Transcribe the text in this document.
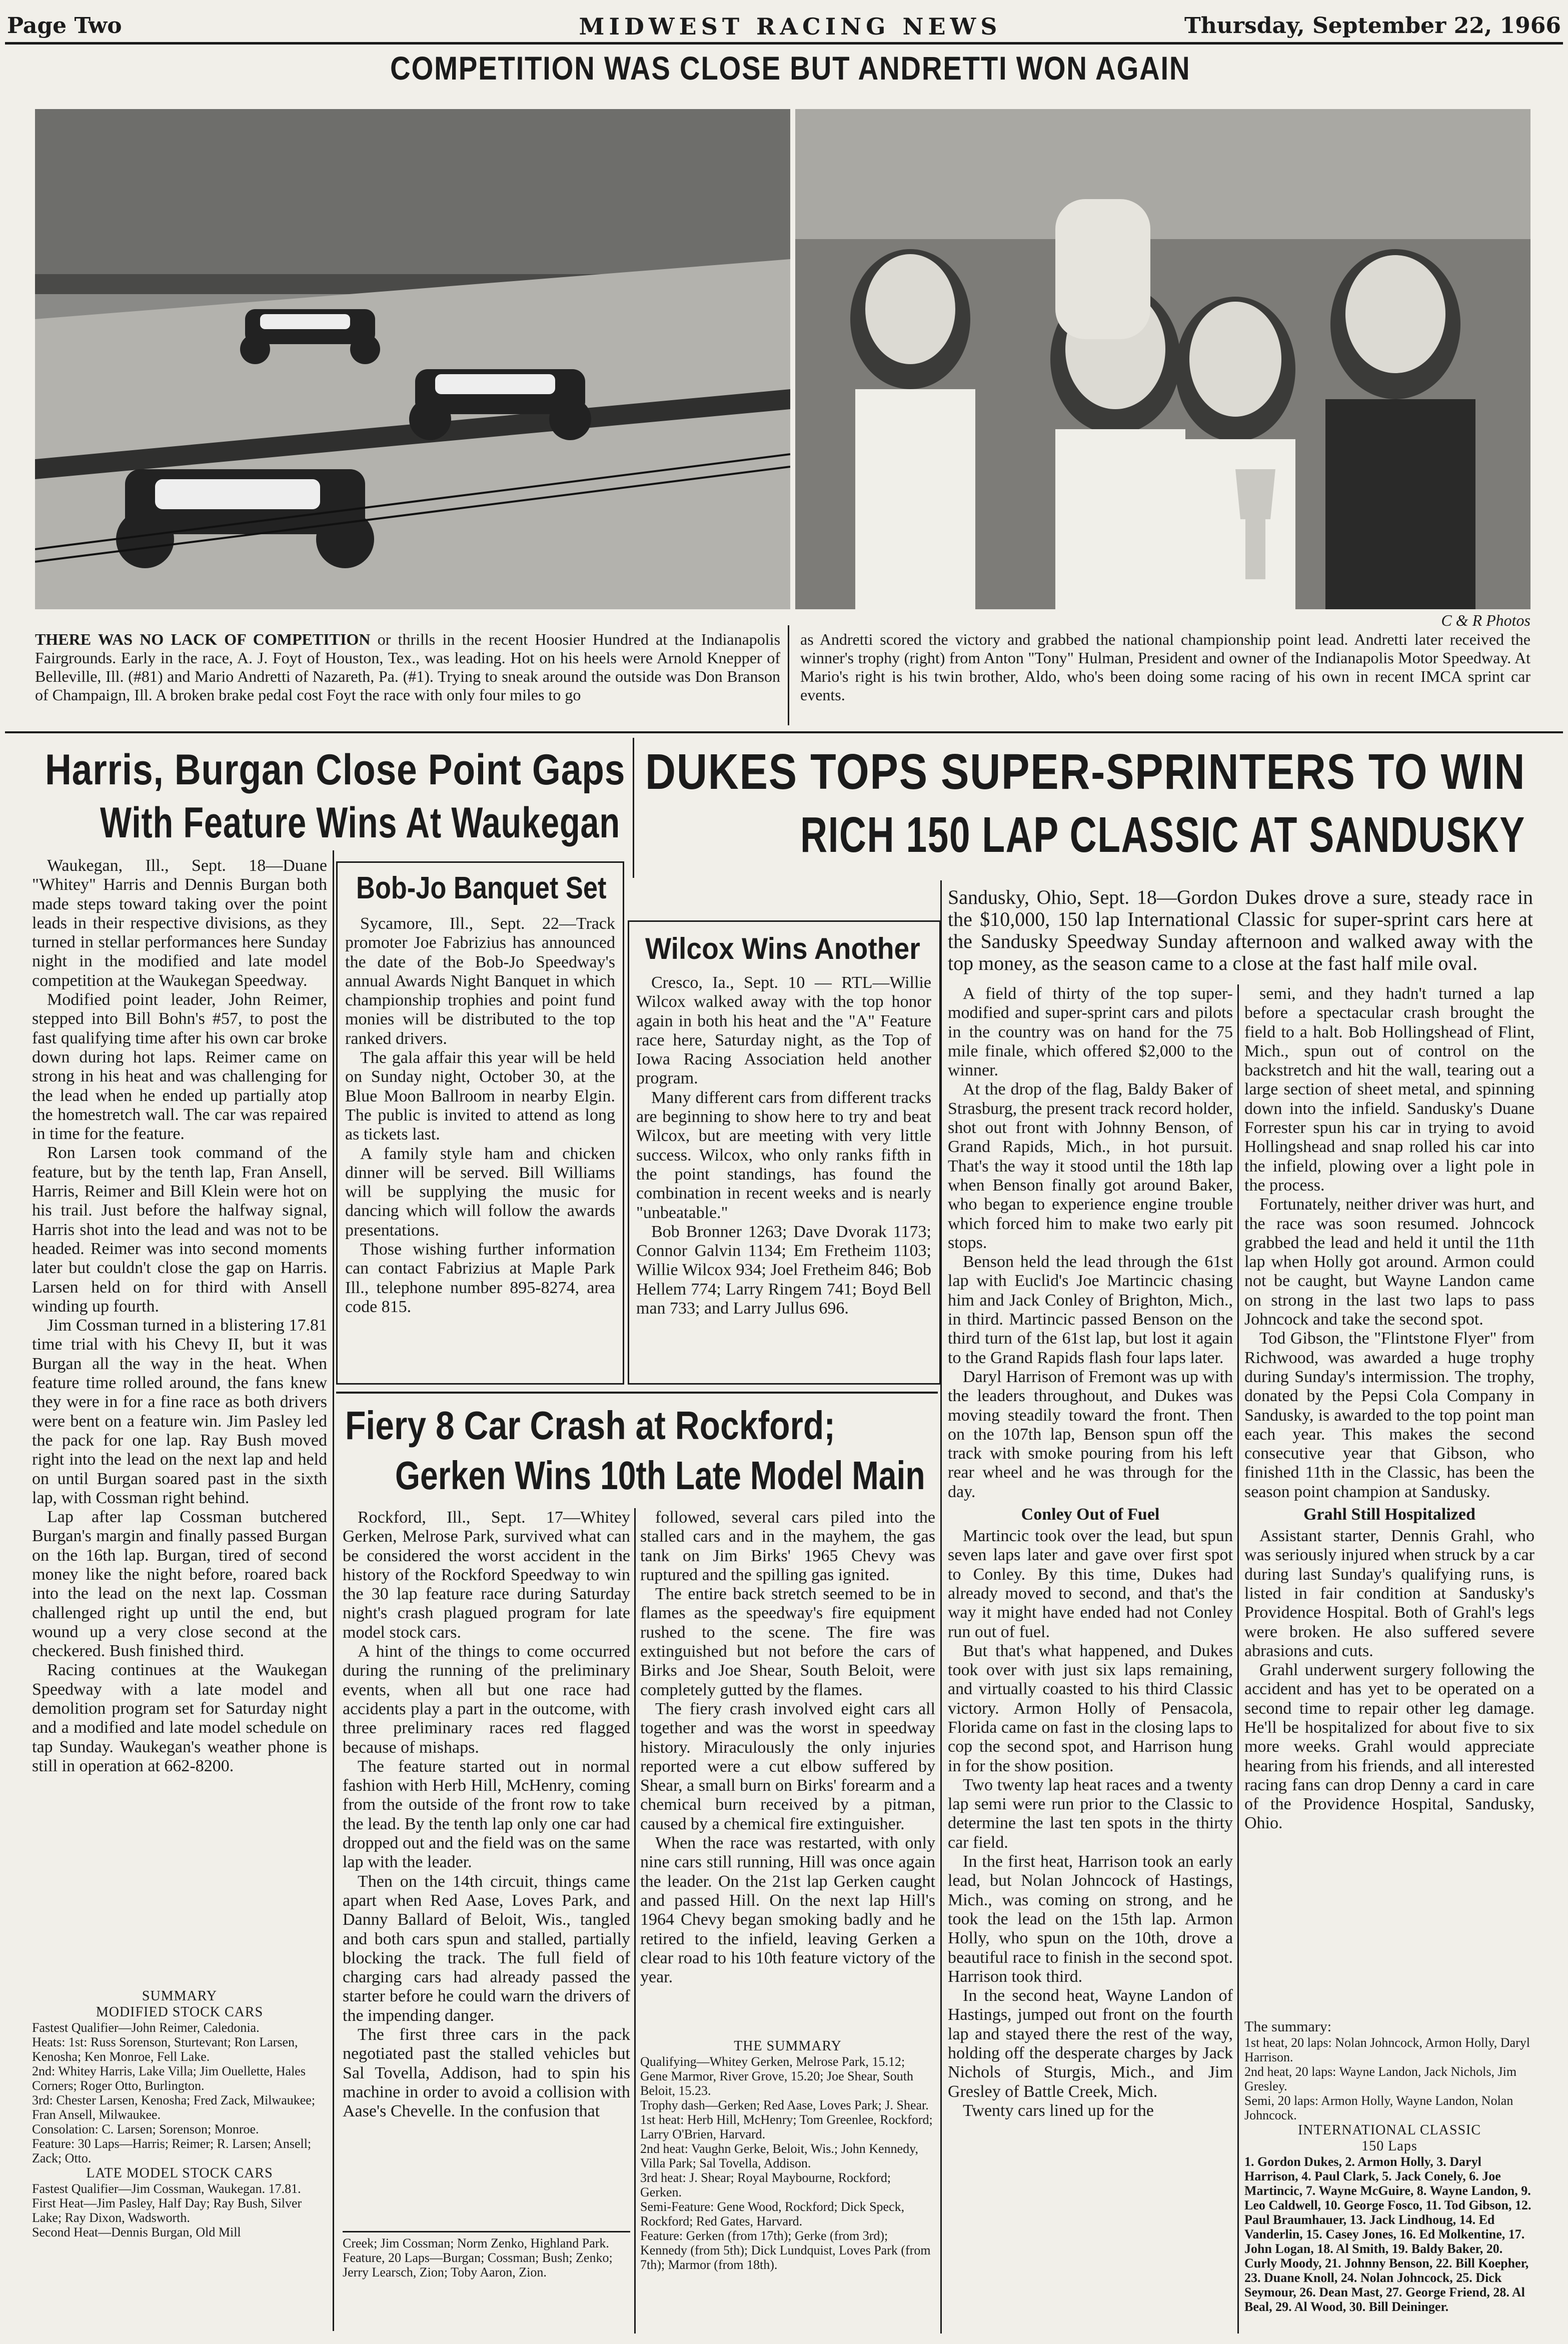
Page Two	MIDWEST RACING NEWS	Thursday, September 22, 1966
COMPETITION WAS CLOSE BUT ANDRETTI WON AGAIN
C & R Photos
THERE WAS NO LACK OF COMPETITION or thrills in the recent Hoosier Hundred at the Indianapolis Fairgrounds. Early in the race, A. J. Foyt of Houston, Tex., was leading. Hot on his heels were Arnold Knepper of Belleville, Ill. (#81) and Mario Andretti of Nazareth, Pa. (#1). Trying to sneak around the outside was Don Branson of Champaign, Ill. A broken brake pedal cost Foyt the race with only four miles to go
as Andretti scored the victory and grabbed the national championship point lead. Andretti later received the winner's trophy (right) from Anton "Tony" Hulman, President and owner of the Indianapolis Motor Speedway. At Mario's right is his twin brother, Aldo, who's been doing some racing of his own in recent IMCA sprint car events.
Harris, Burgan Close Point Gaps
With Feature Wins At Waukegan
DUKES TOPS SUPER-SPRINTERS TO WIN
RICH 150 LAP CLASSIC AT SANDUSKY

Waukegan, Ill., Sept. 18—Duane "Whitey" Harris and Dennis Burgan both made steps toward taking over the point leads in their respective divisions, as they turned in stellar performances here Sunday night in the modified and late model competition at the Waukegan Speedway.

Modified point leader, John Reimer, stepped into Bill Bohn's #57, to post the fast qualifying time after his own car broke down during hot laps. Reimer came on strong in his heat and was challenging for the lead when he ended up partially atop the homestretch wall. The car was repaired in time for the feature.

Ron Larsen took command of the feature, but by the tenth lap, Fran Ansell, Harris, Reimer and Bill Klein were hot on his trail. Just before the halfway signal, Harris shot into the lead and was not to be headed. Reimer was into second moments later but couldn't close the gap on Harris. Larsen held on for third with Ansell winding up fourth.

Jim Cossman turned in a blistering 17.81 time trial with his Chevy II, but it was Burgan all the way in the heat. When feature time rolled around, the fans knew they were in for a fine race as both drivers were bent on a feature win. Jim Pasley led the pack for one lap. Ray Bush moved right into the lead on the next lap and held on until Burgan soared past in the sixth lap, with Cossman right behind.

Lap after lap Cossman butchered Burgan's margin and finally passed Burgan on the 16th lap. Burgan, tired of second money like the night before, roared back into the lead on the next lap. Cossman challenged right up until the end, but wound up a very close second at the checkered. Bush finished third.

Racing continues at the Waukegan Speedway with a late model and demolition program set for Saturday night and a modified and late model schedule on tap Sunday. Waukegan's weather phone is still in operation at 662-8200.

SUMMARY
MODIFIED STOCK CARS

Fastest Qualifier—John Reimer, Caledonia.

Heats: 1st: Russ Sorenson, Sturtevant; Ron Larsen, Kenosha; Ken Monroe, Fell Lake.

2nd: Whitey Harris, Lake Villa; Jim Ouellette, Hales Corners; Roger Otto, Burlington.

3rd: Chester Larsen, Kenosha; Fred Zack, Milwaukee; Fran Ansell, Milwaukee.

Consolation: C. Larsen; Sorenson; Monroe.

Feature: 30 Laps—Harris; Reimer; R. Larsen; Ansell; Zack; Otto.

LATE MODEL STOCK CARS

Fastest Qualifier—Jim Cossman, Waukegan. 17.81.

First Heat—Jim Pasley, Half Day; Ray Bush, Silver Lake; Ray Dixon, Wadsworth.

Second Heat—Dennis Burgan, Old Mill

Bob-Jo Banquet Set

Sycamore, Ill., Sept. 22—Track promoter Joe Fabrizius has announced the date of the Bob-Jo Speedway's annual Awards Night Banquet in which championship trophies and point fund monies will be distributed to the top ranked drivers.

The gala affair this year will be held on Sunday night, October 30, at the Blue Moon Ballroom in nearby Elgin. The public is invited to attend as long as tickets last.

A family style ham and chicken dinner will be served. Bill Williams will be supplying the music for dancing which will follow the awards presentations.

Those wishing further information can contact Fabrizius at Maple Park Ill., telephone number 895-8274, area code 815.

Wilcox Wins Another

Cresco, Ia., Sept. 10 — RTL—Willie Wilcox walked away with the top honor again in both his heat and the "A" Feature race here, Saturday night, as the Top of Iowa Racing Association held another program.

Many different cars from different tracks are beginning to show here to try and beat Wilcox, but are meeting with very little success. Wilcox, who only ranks fifth in the point standings, has found the combination in recent weeks and is nearly "unbeatable."

Bob Bronner 1263; Dave Dvorak 1173; Connor Galvin 1134; Em Fretheim 1103; Willie Wilcox 934; Joel Fretheim 846; Bob Hellem 774; Larry Ringem 741; Boyd Bell man 733; and Larry Jullus 696.

Fiery 8 Car Crash at Rockford;
Gerken Wins 10th Late Model Main

Rockford, Ill., Sept. 17—Whitey Gerken, Melrose Park, survived what can be considered the worst accident in the history of the Rockford Speedway to win the 30 lap feature race during Saturday night's crash plagued program for late model stock cars.

A hint of the things to come occurred during the running of the preliminary events, when all but one race had accidents play a part in the outcome, with three preliminary races red flagged because of mishaps.

The feature started out in normal fashion with Herb Hill, McHenry, coming from the outside of the front row to take the lead. By the tenth lap only one car had dropped out and the field was on the same lap with the leader.

Then on the 14th circuit, things came apart when Red Aase, Loves Park, and Danny Ballard of Beloit, Wis., tangled and both cars spun and stalled, partially blocking the track. The full field of charging cars had already passed the starter before he could warn the drivers of the impending danger.

The first three cars in the pack negotiated past the stalled vehicles but Sal Tovella, Addison, had to spin his machine in order to avoid a collision with Aase's Chevelle. In the confusion that

Creek; Jim Cossman; Norm Zenko, Highland Park.

Feature, 20 Laps—Burgan; Cossman; Bush; Zenko; Jerry Learsch, Zion; Toby Aaron, Zion.

followed, several cars piled into the stalled cars and in the mayhem, the gas tank on Jim Birks' 1965 Chevy was ruptured and the spilling gas ignited.

The entire back stretch seemed to be in flames as the speedway's fire equipment rushed to the scene. The fire was extinguished but not before the cars of Birks and Joe Shear, South Beloit, were completely gutted by the flames.

The fiery crash involved eight cars all together and was the worst in speedway history. Miraculously the only injuries reported were a cut elbow suffered by Shear, a small burn on Birks' forearm and a chemical burn received by a pitman, caused by a chemical fire extinguisher.

When the race was restarted, with only nine cars still running, Hill was once again the leader. On the 21st lap Gerken caught and passed Hill. On the next lap Hill's 1964 Chevy began smoking badly and he retired to the infield, leaving Gerken a clear road to his 10th feature victory of the year.

THE SUMMARY

Qualifying—Whitey Gerken, Melrose Park, 15.12; Gene Marmor, River Grove, 15.20; Joe Shear, South Beloit, 15.23.

Trophy dash—Gerken; Red Aase, Loves Park; J. Shear.

1st heat: Herb Hill, McHenry; Tom Greenlee, Rockford; Larry O'Brien, Harvard.

2nd heat: Vaughn Gerke, Beloit, Wis.; John Kennedy, Villa Park; Sal Tovella, Addison.

3rd heat: J. Shear; Royal Maybourne, Rockford; Gerken.

Semi-Feature: Gene Wood, Rockford; Dick Speck, Rockford; Red Gates, Harvard.

Feature: Gerken (from 17th); Gerke (from 3rd); Kennedy (from 5th); Dick Lundquist, Loves Park (from 7th); Marmor (from 18th).

Sandusky, Ohio, Sept. 18—Gordon Dukes drove a sure, steady race in the $10,000, 150 lap International Classic for super-sprint cars here at the Sandusky Speedway Sunday afternoon and walked away with the top money, as the season came to a close at the fast half mile oval.

A field of thirty of the top super-modified and super-sprint cars and pilots in the country was on hand for the 75 mile finale, which offered $2,000 to the winner.

At the drop of the flag, Baldy Baker of Strasburg, the present track record holder, shot out front with Johnny Benson, of Grand Rapids, Mich., in hot pursuit. That's the way it stood until the 18th lap when Benson finally got around Baker, who began to experience engine trouble which forced him to make two early pit stops.

Benson held the lead through the 61st lap with Euclid's Joe Martincic chasing him and Jack Conley of Brighton, Mich., in third. Martincic passed Benson on the third turn of the 61st lap, but lost it again to the Grand Rapids flash four laps later.

Daryl Harrison of Fremont was up with the leaders throughout, and Dukes was moving steadily toward the front. Then on the 107th lap, Benson spun off the track with smoke pouring from his left rear wheel and he was through for the day.

Conley Out of Fuel

Martincic took over the lead, but spun seven laps later and gave over first spot to Conley. By this time, Dukes had already moved to second, and that's the way it might have ended had not Conley run out of fuel.

But that's what happened, and Dukes took over with just six laps remaining, and virtually coasted to his third Classic victory. Armon Holly of Pensacola, Florida came on fast in the closing laps to cop the second spot, and Harrison hung in for the show position.

Two twenty lap heat races and a twenty lap semi were run prior to the Classic to determine the last ten spots in the thirty car field.

In the first heat, Harrison took an early lead, but Nolan Johncock of Hastings, Mich., was coming on strong, and he took the lead on the 15th lap. Armon Holly, who spun on the 10th, drove a beautiful race to finish in the second spot. Harrison took third.

In the second heat, Wayne Landon of Hastings, jumped out front on the fourth lap and stayed there the rest of the way, holding off the desperate charges by Jack Nichols of Sturgis, Mich., and Jim Gresley of Battle Creek, Mich.

Twenty cars lined up for the

semi, and they hadn't turned a lap before a spectacular crash brought the field to a halt. Bob Hollingshead of Flint, Mich., spun out of control on the backstretch and hit the wall, tearing out a large section of sheet metal, and spinning down into the infield. Sandusky's Duane Forrester spun his car in trying to avoid Hollingshead and snap rolled his car into the infield, plowing over a light pole in the process.

Fortunately, neither driver was hurt, and the race was soon resumed. Johncock grabbed the lead and held it until the 11th lap when Holly got around. Armon could not be caught, but Wayne Landon came on strong in the last two laps to pass Johncock and take the second spot.

Tod Gibson, the "Flintstone Flyer" from Richwood, was awarded a huge trophy during Sunday's intermission. The trophy, donated by the Pepsi Cola Company in Sandusky, is awarded to the top point man each year. This makes the second consecutive year that Gibson, who finished 11th in the Classic, has been the season point champion at Sandusky.

Grahl Still Hospitalized

Assistant starter, Dennis Grahl, who was seriously injured when struck by a car during last Sunday's qualifying runs, is listed in fair condition at Sandusky's Providence Hospital. Both of Grahl's legs were broken. He also suffered severe abrasions and cuts.

Grahl underwent surgery following the accident and has yet to be operated on a second time to repair other leg damage. He'll be hospitalized for about five to six more weeks. Grahl would appreciate hearing from his friends, and all interested racing fans can drop Denny a card in care of the Providence Hospital, Sandusky, Ohio.

The summary:

1st heat, 20 laps: Nolan Johncock, Armon Holly, Daryl Harrison.

2nd heat, 20 laps: Wayne Landon, Jack Nichols, Jim Gresley.

Semi, 20 laps: Armon Holly, Wayne Landon, Nolan Johncock.

INTERNATIONAL CLASSIC
150 Laps

1. Gordon Dukes, 2. Armon Holly, 3. Daryl Harrison, 4. Paul Clark, 5. Jack Conely, 6. Joe Martincic, 7. Wayne McGuire, 8. Wayne Landon, 9. Leo Caldwell, 10. George Fosco, 11. Tod Gibson, 12. Paul Braumhauer, 13. Jack Lindhoug, 14. Ed Vanderlin, 15. Casey Jones, 16. Ed Molkentine, 17. John Logan, 18. Al Smith, 19. Baldy Baker, 20. Curly Moody, 21. Johnny Benson, 22. Bill Koepher, 23. Duane Knoll, 24. Nolan Johncock, 25. Dick Seymour, 26. Dean Mast, 27. George Friend, 28. Al Beal, 29. Al Wood, 30. Bill Deininger.
